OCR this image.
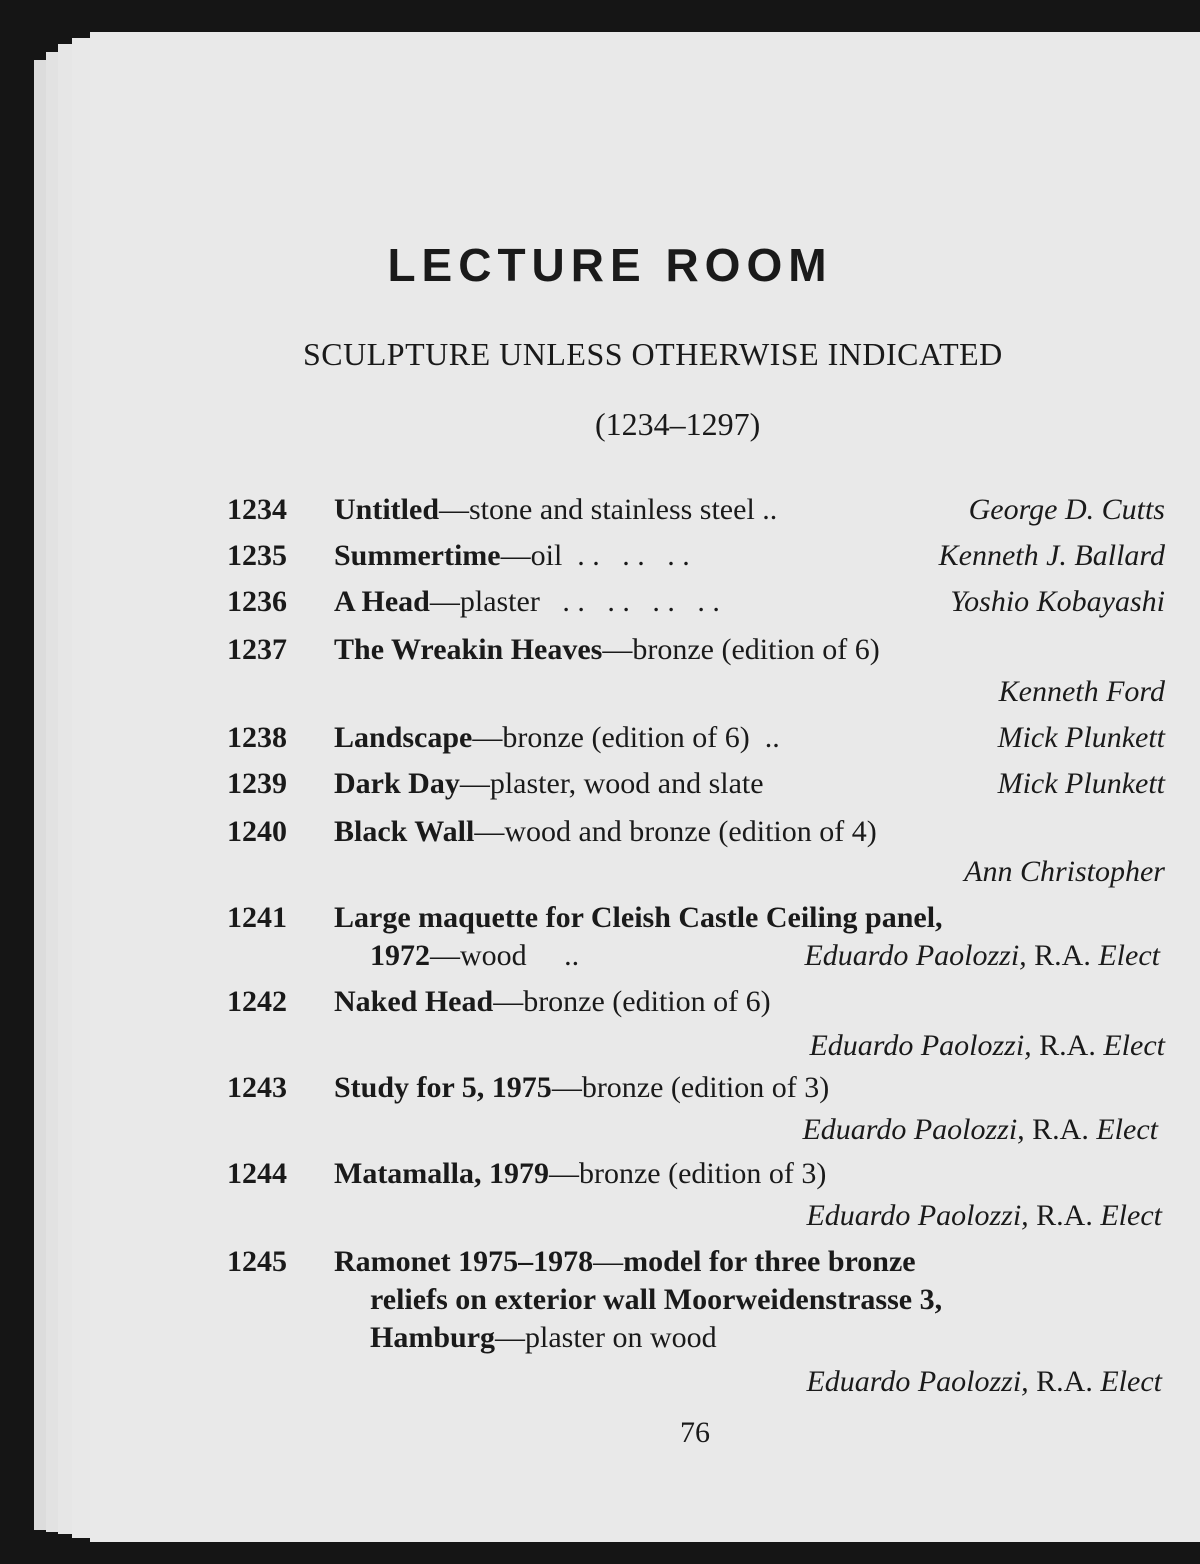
LECTURE ROOM
SCULPTURE UNLESS OTHERWISE INDICATED
(1234–1297)
1234 Untitled—stone and stainless steel ..	George D. Cutts
1235 Summertime—oil . .   . .   . .	Kenneth J. Ballard
1236 A Head—plaster . .   . .   . .   . .	Yoshio Kobayashi
1237 The Wreakin Heaves—bronze (edition of 6)
Kenneth Ford
1238 Landscape—bronze (edition of 6) ..	Mick Plunkett
1239 Dark Day—plaster, wood and slate	Mick Plunkett
1240 Black Wall—wood and bronze (edition of 4)
Ann Christopher
1241 Large maquette for Cleish Castle Ceiling panel,
1972—wood ..	Eduardo Paolozzi, R.A. Elect
1242 Naked Head—bronze (edition of 6)
Eduardo Paolozzi, R.A. Elect
1243 Study for 5, 1975—bronze (edition of 3)
Eduardo Paolozzi, R.A. Elect
1244 Matamalla, 1979—bronze (edition of 3)
Eduardo Paolozzi, R.A. Elect
1245 Ramonet 1975–1978—model for three bronze
reliefs on exterior wall Moorweidenstrasse 3,
Hamburg—plaster on wood
Eduardo Paolozzi, R.A. Elect
76
